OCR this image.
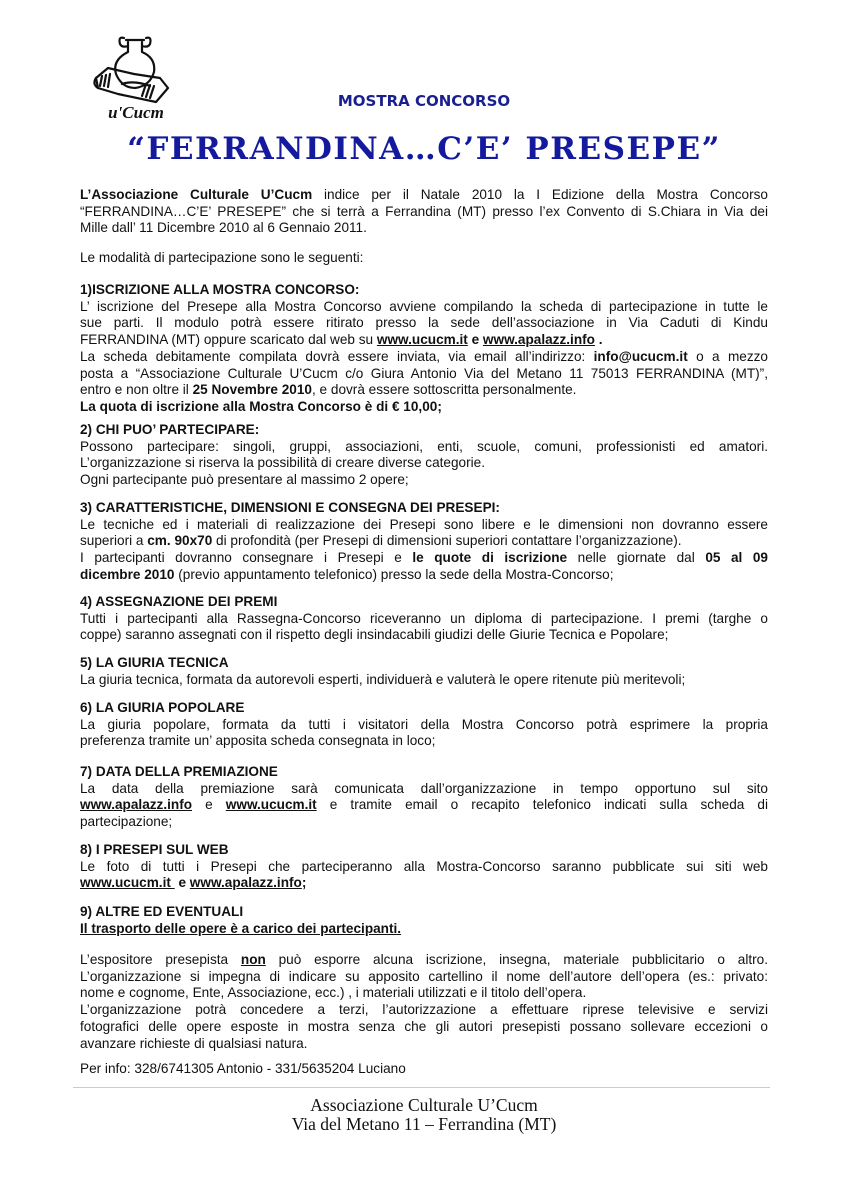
u'Cucm
MOSTRA CONCORSO
“FERRANDINA…C’E’ PRESEPE”

L’Associazione Culturale U’Cucm indice per il Natale 2010 la I Edizione della Mostra Concorso

“FERRANDINA…C’E’ PRESEPE” che si terrà a Ferrandina (MT) presso l’ex Convento di S.Chiara in Via dei

Mille dall’ 11 Dicembre 2010 al 6 Gennaio 2011.

Le modalità di partecipazione sono le seguenti:

1)ISCRIZIONE ALLA MOSTRA CONCORSO:

L’ iscrizione del Presepe alla Mostra Concorso avviene compilando la scheda di partecipazione in tutte le

sue parti. Il modulo potrà essere ritirato presso la sede dell’associazione in Via Caduti di Kindu

FERRANDINA (MT) oppure scaricato dal web su www.ucucm.it e www.apalazz.info .

La scheda debitamente compilata dovrà essere inviata, via email all’indirizzo: info@ucucm.it o a mezzo

posta a “Associazione Culturale U’Cucm c/o Giura Antonio Via del Metano 11 75013 FERRANDINA (MT)”,

entro e non oltre il 25 Novembre 2010, e dovrà essere sottoscritta personalmente.

La quota di iscrizione alla Mostra Concorso è di € 10,00;

2) CHI PUO’ PARTECIPARE:

Possono partecipare: singoli, gruppi, associazioni, enti, scuole, comuni, professionisti ed amatori.

L’organizzazione si riserva la possibilità di creare diverse categorie.

Ogni partecipante può presentare al massimo 2 opere;

3) CARATTERISTICHE, DIMENSIONI E CONSEGNA DEI PRESEPI:

Le tecniche ed i materiali di realizzazione dei Presepi sono libere e le dimensioni non dovranno essere

superiori a cm. 90x70 di profondità (per Presepi di dimensioni superiori contattare l’organizzazione).

I partecipanti dovranno consegnare i Presepi e le quote di iscrizione nelle giornate dal 05 al 09

dicembre 2010 (previo appuntamento telefonico) presso la sede della Mostra-Concorso;

4) ASSEGNAZIONE DEI PREMI

Tutti i partecipanti alla Rassegna-Concorso riceveranno un diploma di partecipazione. I premi (targhe o

coppe) saranno assegnati con il rispetto degli insindacabili giudizi delle Giurie Tecnica e Popolare;

5) LA GIURIA TECNICA

La giuria tecnica, formata da autorevoli esperti, individuerà e valuterà le opere ritenute più meritevoli;

6) LA GIURIA POPOLARE

La giuria popolare, formata da tutti i visitatori della Mostra Concorso potrà esprimere la propria

preferenza tramite un’ apposita scheda consegnata in loco;

7) DATA DELLA PREMIAZIONE

La data della premiazione sarà comunicata dall’organizzazione in tempo opportuno sul sito

www.apalazz.info e www.ucucm.it e tramite email o recapito telefonico indicati sulla scheda di

partecipazione;

8) I PRESEPI SUL WEB

Le foto di tutti i Presepi che parteciperanno alla Mostra-Concorso saranno pubblicate sui siti web

www.ucucm.it  e www.apalazz.info;

9) ALTRE ED EVENTUALI

Il trasporto delle opere è a carico dei partecipanti.

L’espositore presepista non può esporre alcuna iscrizione, insegna, materiale pubblicitario o altro.

L’organizzazione si impegna di indicare su apposito cartellino il nome dell’autore dell’opera (es.: privato:

nome e cognome, Ente, Associazione, ecc.) , i materiali utilizzati e il titolo dell’opera.

L’organizzazione potrà concedere a terzi, l’autorizzazione a effettuare riprese televisive e servizi

fotografici delle opere esposte in mostra senza che gli autori presepisti possano sollevare eccezioni o

avanzare richieste di qualsiasi natura.

Per info: 328/6741305 Antonio - 331/5635204 Luciano

Associazione Culturale U’Cucm
Via del Metano 11 – Ferrandina (MT)
